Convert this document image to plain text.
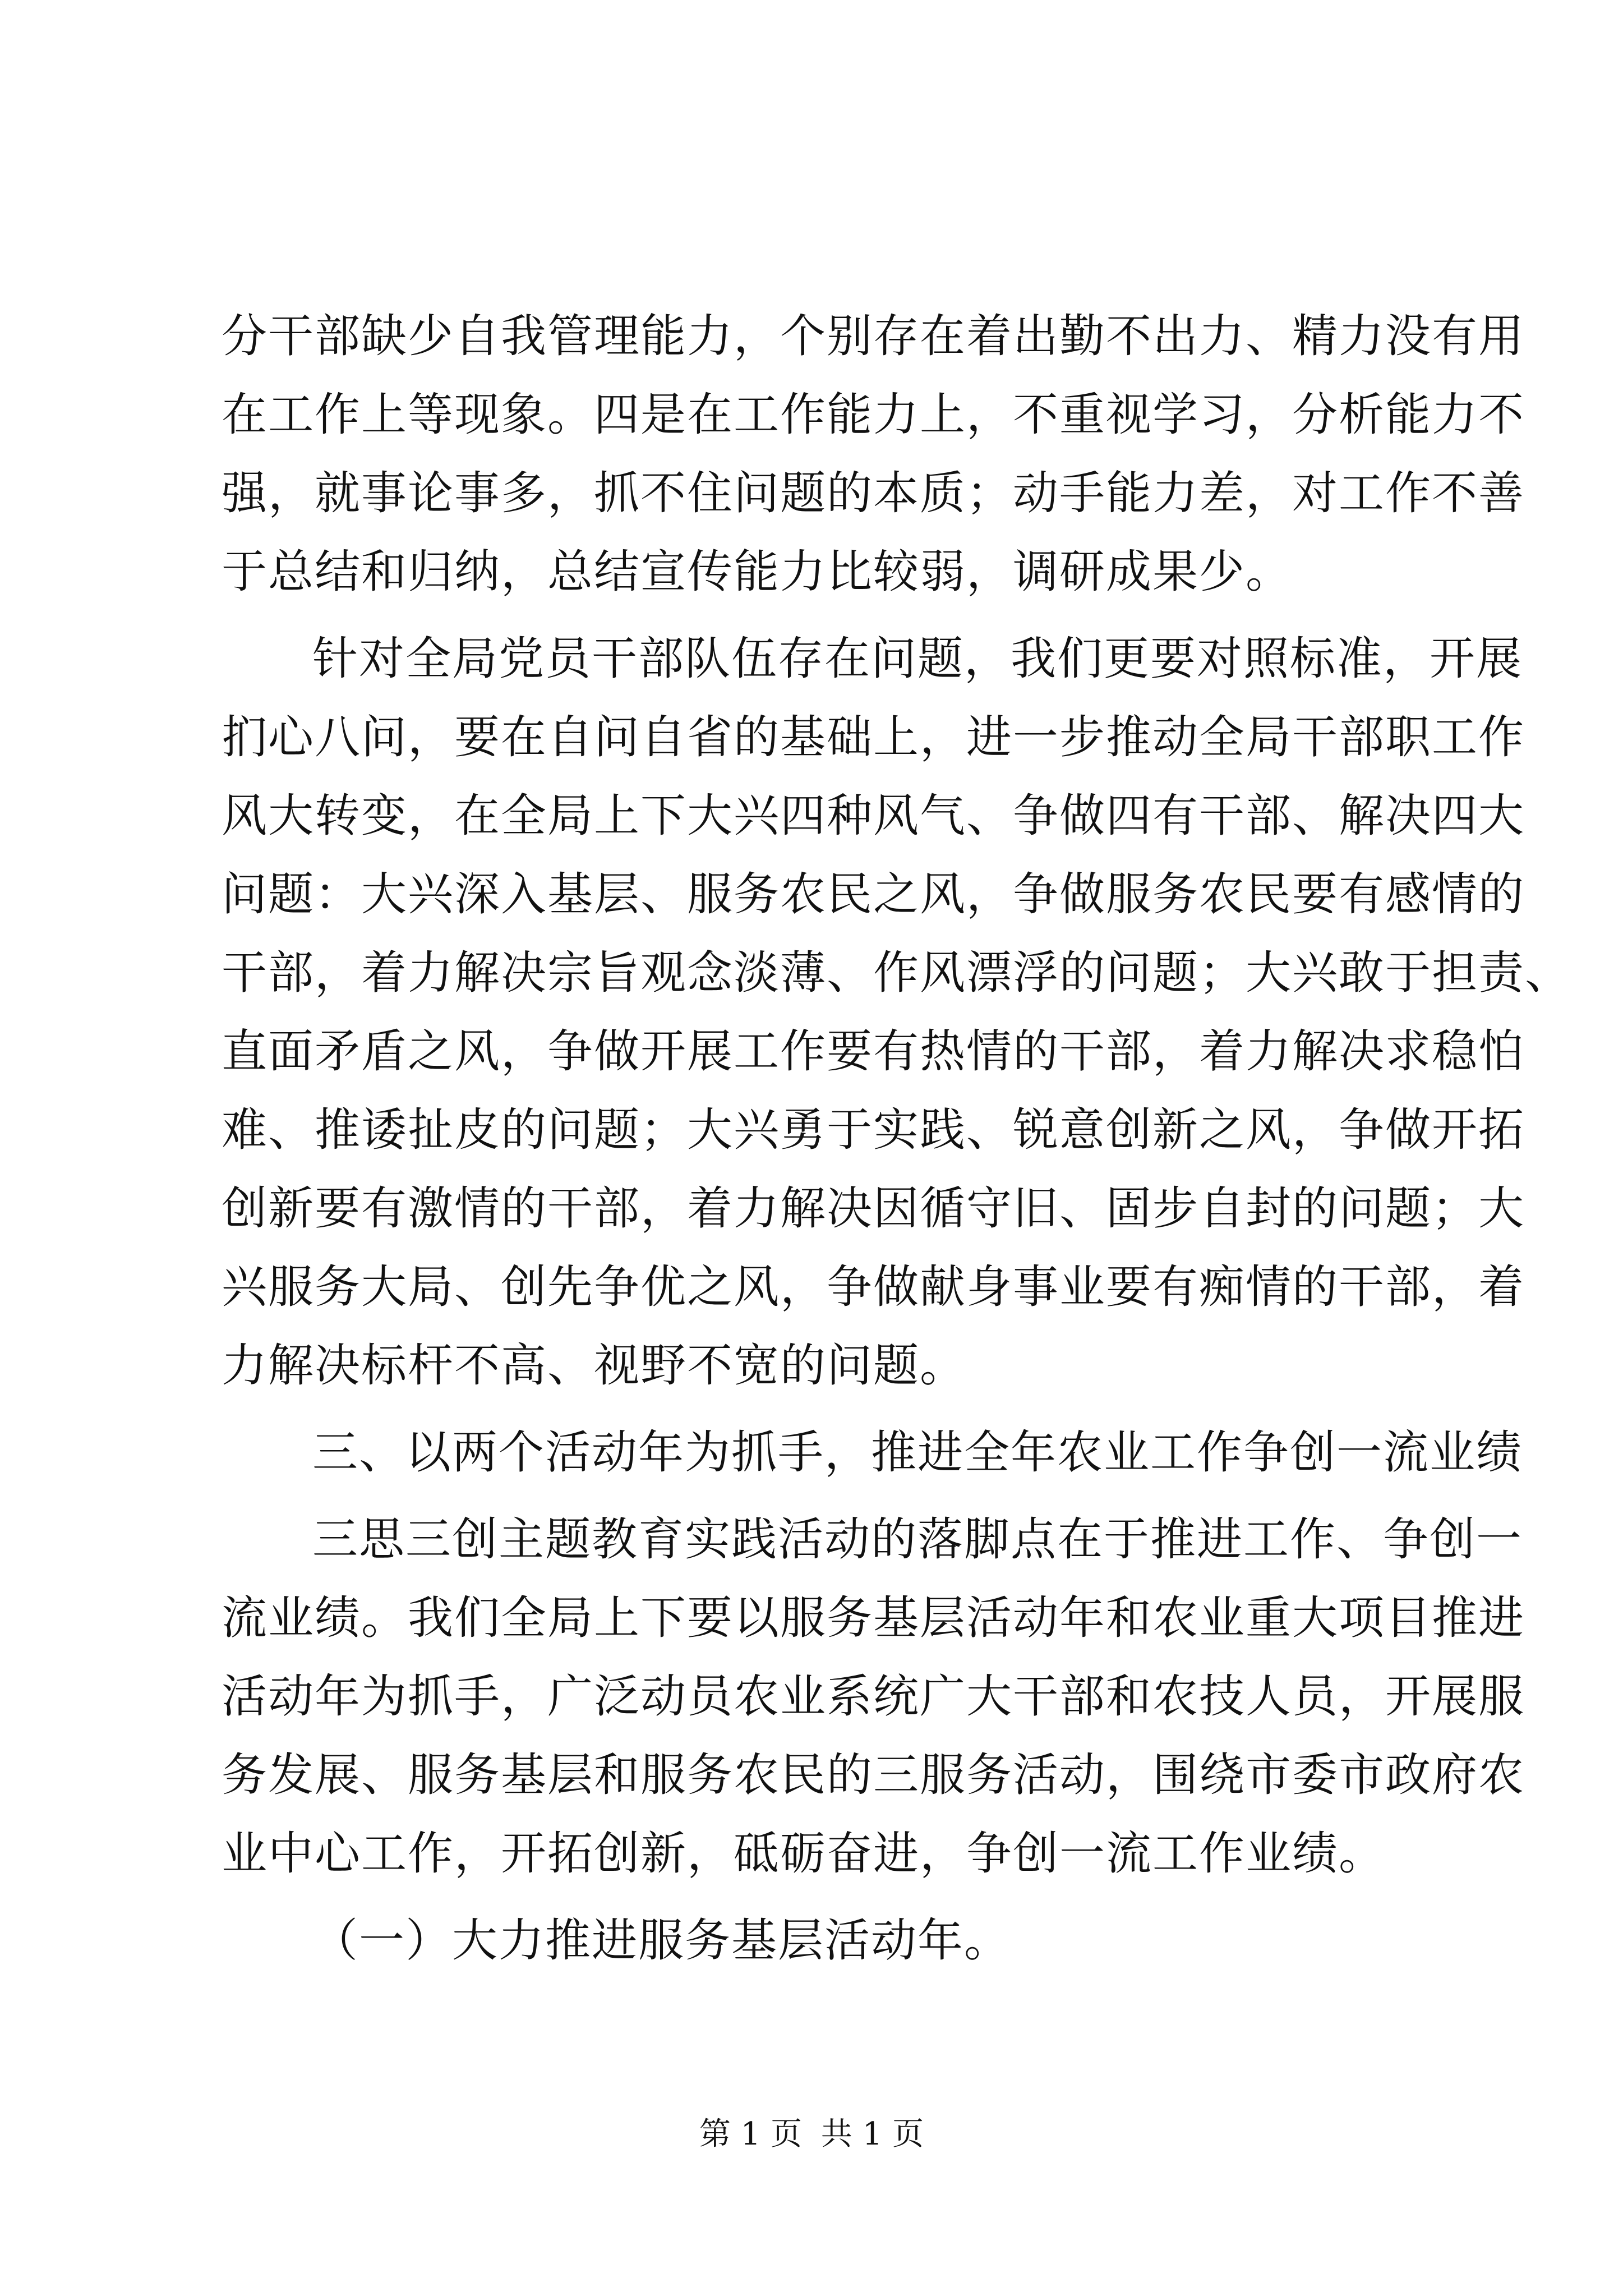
分干部缺少自我管理能力，个别存在着出勤不出力、精力没有用
在工作上等现象。四是在工作能力上，不重视学习，分析能力不
强，就事论事多，抓不住问题的本质；动手能力差，对工作不善
于总结和归纳，总结宣传能力比较弱，调研成果少。
针对全局党员干部队伍存在问题，我们更要对照标准，开展
扪心八问，要在自问自省的基础上，进一步推动全局干部职工作
风大转变，在全局上下大兴四种风气、争做四有干部、解决四大
问题：大兴深入基层、服务农民之风，争做服务农民要有感情的
干部，着力解决宗旨观念淡薄、作风漂浮的问题；大兴敢于担责、
直面矛盾之风，争做开展工作要有热情的干部，着力解决求稳怕
难、推诿扯皮的问题；大兴勇于实践、锐意创新之风，争做开拓
创新要有激情的干部，着力解决因循守旧、固步自封的问题；大
兴服务大局、创先争优之风，争做献身事业要有痴情的干部，着
力解决标杆不高、视野不宽的问题。
三、以两个活动年为抓手，推进全年农业工作争创一流业绩
三思三创主题教育实践活动的落脚点在于推进工作、争创一
流业绩。我们全局上下要以服务基层活动年和农业重大项目推进
活动年为抓手，广泛动员农业系统广大干部和农技人员，开展服
务发展、服务基层和服务农民的三服务活动，围绕市委市政府农
业中心工作，开拓创新，砥砺奋进，争创一流工作业绩。
（一）大力推进服务基层活动年。
第 1 页 共 1 页
